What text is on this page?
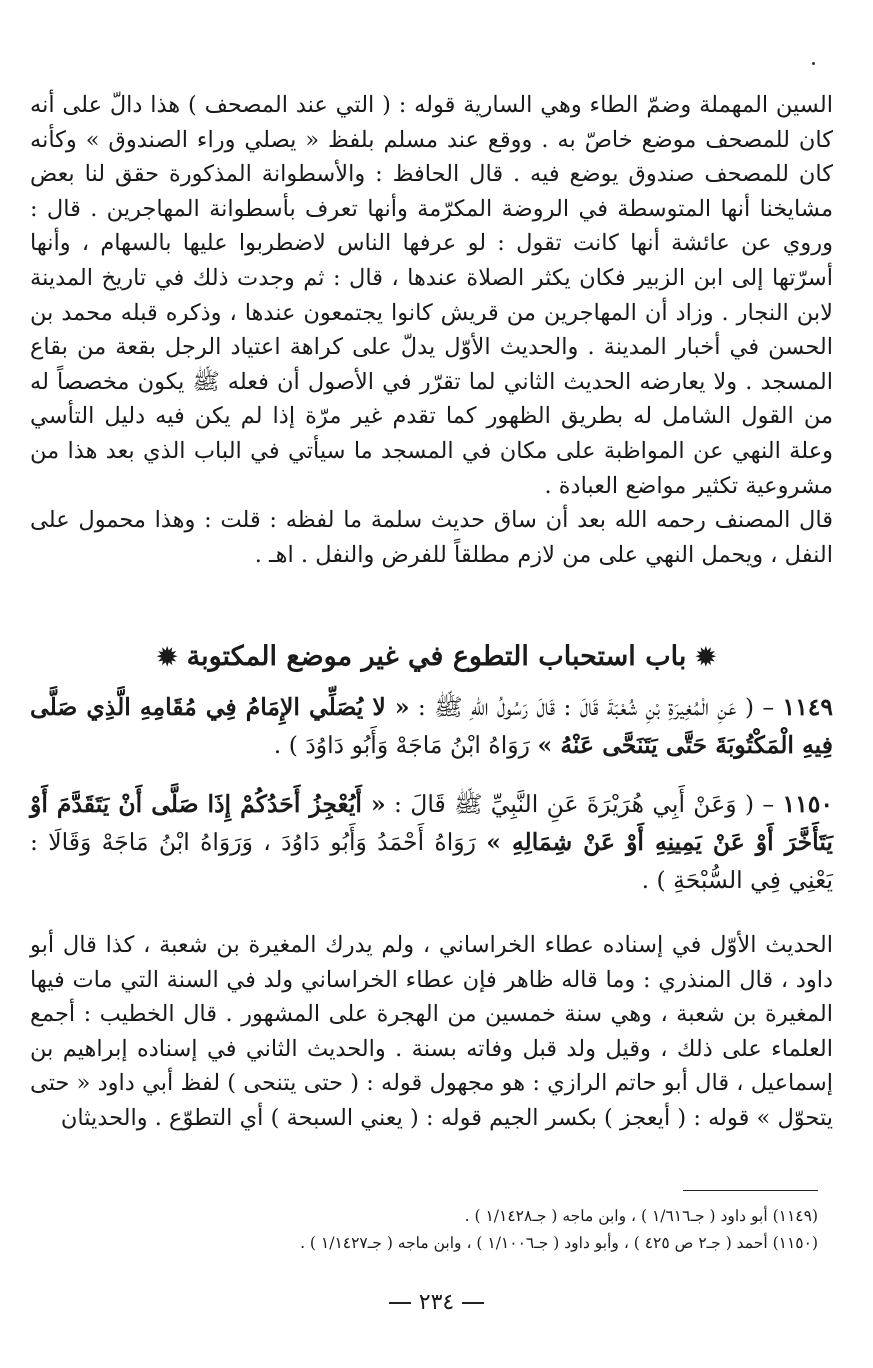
السين المهملة وضمّ الطاء وهي السارية قوله : ( التي عند المصحف ) هذا دالّ على أنه كان للمصحف موضع خاصّ به . ووقع عند مسلم بلفظ « يصلي وراء الصندوق » وكأنه كان للمصحف صندوق يوضع فيه . قال الحافظ : والأسطوانة المذكورة حقق لنا بعض مشايخنا أنها المتوسطة في الروضة المكرّمة وأنها تعرف بأسطوانة المهاجرين . قال : وروي عن عائشة أنها كانت تقول : لو عرفها الناس لاضطربوا عليها بالسهام ، وأنها أسرّتها إلى ابن الزبير فكان يكثر الصلاة عندها ، قال : ثم وجدت ذلك في تاريخ المدينة لابن النجار . وزاد أن المهاجرين من قريش كانوا يجتمعون عندها ، وذكره قبله محمد بن الحسن في أخبار المدينة . والحديث الأوّل يدلّ على كراهة اعتياد الرجل بقعة من بقاع المسجد . ولا يعارضه الحديث الثاني لما تقرّر في الأصول أن فعله ﷺ يكون مخصصاً له من القول الشامل له بطريق الظهور كما تقدم غير مرّة إذا لم يكن فيه دليل التأسي وعلة النهي عن المواظبة على مكان في المسجد ما سيأتي في الباب الذي بعد هذا من مشروعية تكثير مواضع العبادة .

قال المصنف رحمه الله بعد أن ساق حديث سلمة ما لفظه : قلت : وهذا محمول على النفل ، ويحمل النهي على من لازم مطلقاً للفرض والنفل . اهـ .

✹ باب استحباب التطوع في غير موضع المكتوبة ✹
١١٤٩ – ( عَنِ الْمُغِيرَةِ بْنِ شُعْبَةَ قَالَ : قَالَ رَسُولُ اللهِ ﷺ : « لا يُصَلِّي الإِمَامُ فِي مُقَامِهِ الَّذِي صَلَّى فِيهِ الْمَكْتُوبَةَ حَتَّى يَتَنَحَّى عَنْهُ » رَوَاهُ ابْنُ مَاجَهْ وَأَبُو دَاوُدَ ) .
١١٥٠ – ( وَعَنْ أَبِي هُرَيْرَةَ عَنِ النَّبِيِّ ﷺ قَالَ : « أَيُعْجِزُ أَحَدُكُمْ إِذَا صَلَّى أَنْ يَتَقَدَّمَ أَوْ يَتَأَخَّرَ أَوْ عَنْ يَمِينِهِ أَوْ عَنْ شِمَالِهِ » رَوَاهُ أَحْمَدُ وَأَبُو دَاوُدَ ، وَرَوَاهُ ابْنُ مَاجَهْ وَقَالَا : يَعْنِي فِي السُّبْحَةِ ) .

الحديث الأوّل في إسناده عطاء الخراساني ، ولم يدرك المغيرة بن شعبة ، كذا قال أبو داود ، قال المنذري : وما قاله ظاهر فإن عطاء الخراساني ولد في السنة التي مات فيها المغيرة بن شعبة ، وهي سنة خمسين من الهجرة على المشهور . قال الخطيب : أجمع العلماء على ذلك ، وقيل ولد قبل وفاته بسنة . والحديث الثاني في إسناده إبراهيم بن إسماعيل ، قال أبو حاتم الرازي : هو مجهول قوله : ( حتى يتنحى ) لفظ أبي داود « حتى يتحوّل » قوله : ( أيعجز ) بكسر الجيم قوله : ( يعني السبحة ) أي التطوّع . والحديثان

(١١٤٩) أبو داود ( جـ١/٦١٦ ) ، وابن ماجه ( جـ١/١٤٢٨ ) .
(١١٥٠) أحمد ( جـ٢ ص ٤٢٥ ) ، وأبو داود ( جـ١/١٠٠٦ ) ، وابن ماجه ( جـ١/١٤٢٧ ) .
٢٣٤
